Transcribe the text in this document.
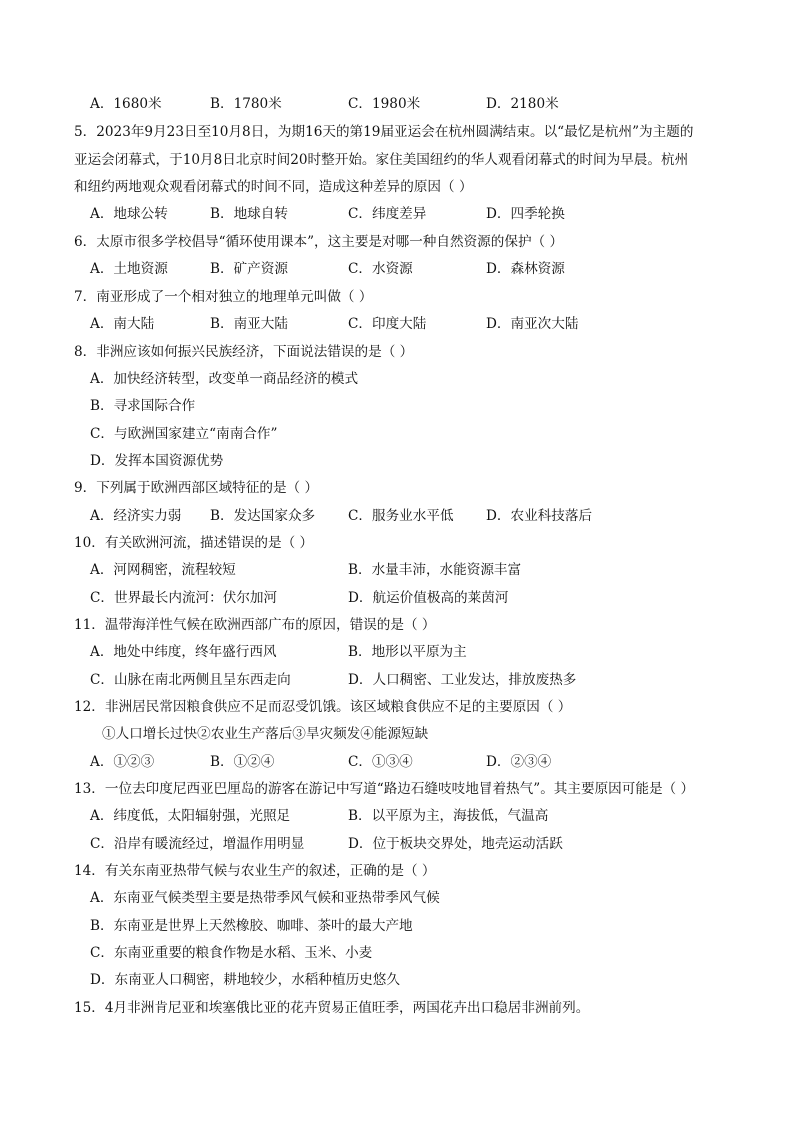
A．1680米	B．1780米	C．1980米	D．2180米
5．2023年9月23日至10月8日，为期16天的第19届亚运会在杭州圆满结束。以“最忆是杭州”为主题的
亚运会闭幕式，于10月8日北京时间20时整开始。家住美国纽约的华人观看闭幕式的时间为早晨。杭州
和纽约两地观众观看闭幕式的时间不同，造成这种差异的原因（ ）
A．地球公转	B．地球自转	C．纬度差异	D．四季轮换
6．太原市很多学校倡导“循环使用课本”，这主要是对哪一种自然资源的保护（ ）
A．土地资源	B．矿产资源	C．水资源	D．森林资源
7．南亚形成了一个相对独立的地理单元叫做（ ）
A．南大陆	B．南亚大陆	C．印度大陆	D．南亚次大陆
8．非洲应该如何振兴民族经济，下面说法错误的是（ ）
A．加快经济转型，改变单一商品经济的模式
B．寻求国际合作
C．与欧洲国家建立“南南合作”
D．发挥本国资源优势
9．下列属于欧洲西部区域特征的是（ ）
A．经济实力弱 B．发达国家众多 C．服务业水平低 D．农业科技落后
10．有关欧洲河流，描述错误的是（ ）
A．河网稠密，流程较短	B．水量丰沛，水能资源丰富
C．世界最长内流河：伏尔加河	D．航运价值极高的莱茵河
11．温带海洋性气候在欧洲西部广布的原因，错误的是（ ）
A．地处中纬度，终年盛行西风	B．地形以平原为主
C．山脉在南北两侧且呈东西走向	D．人口稠密、工业发达，排放废热多
12．非洲居民常因粮食供应不足而忍受饥饿。该区域粮食供应不足的主要原因（ ）
①人口增长过快②农业生产落后③旱灾频发④能源短缺
A．①②③	B．①②④	C．①③④	D．②③④
13．一位去印度尼西亚巴厘岛的游客在游记中写道“路边石缝吱吱地冒着热气”。其主要原因可能是（ ）
A．纬度低，太阳辐射强，光照足	B．以平原为主，海拔低，气温高
C．沿岸有暖流经过，增温作用明显	D．位于板块交界处，地壳运动活跃
14．有关东南亚热带气候与农业生产的叙述，正确的是（ ）
A．东南亚气候类型主要是热带季风气候和亚热带季风气候
B．东南亚是世界上天然橡胶、咖啡、茶叶的最大产地
C．东南亚重要的粮食作物是水稻、玉米、小麦
D．东南亚人口稠密，耕地较少，水稻种植历史悠久
15．4月非洲肯尼亚和埃塞俄比亚的花卉贸易正值旺季，两国花卉出口稳居非洲前列。
